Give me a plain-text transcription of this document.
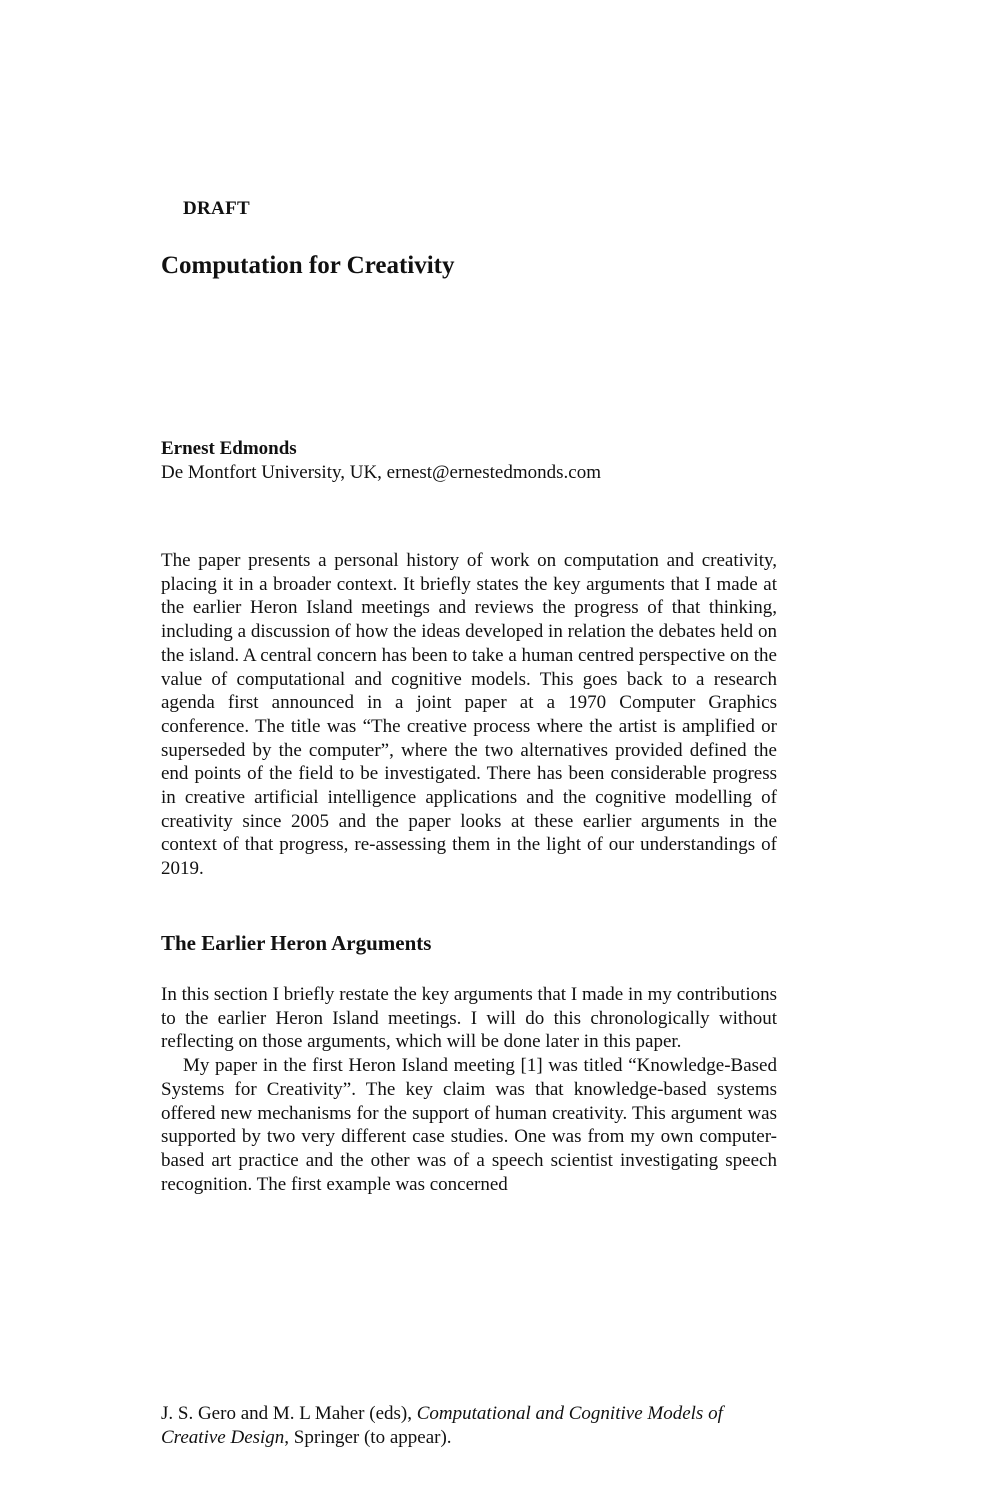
DRAFT
Computation for Creativity
Ernest Edmonds
De Montfort University, UK, ernest@ernestedmonds.com

The paper presents a personal history of work on computation and creativity, placing it in a broader context. It briefly states the key arguments that I made at the earlier Heron Island meetings and reviews the progress of that thinking, including a discussion of how the ideas developed in relation the debates held on the island. A central concern has been to take a human centred perspective on the value of computational and cognitive models. This goes back to a research agenda first announced in a joint paper at a 1970 Computer Graphics conference. The title was “The creative process where the artist is amplified or superseded by the computer”, where the two alternatives provided defined the end points of the field to be investigated. There has been considerable progress in creative artificial intelligence applications and the cognitive modelling of creativity since 2005 and the paper looks at these earlier arguments in the context of that progress, re-assessing them in the light of our understandings of 2019.

The Earlier Heron Arguments

In this section I briefly restate the key arguments that I made in my contributions to the earlier Heron Island meetings. I will do this chronologically without reflecting on those arguments, which will be done later in this paper.

My paper in the first Heron Island meeting [1] was titled “Knowledge-Based Systems for Creativity”. The key claim was that knowledge-based systems offered new mechanisms for the support of human creativity. This argument was supported by two very different case studies. One was from my own computer-based art practice and the other was of a speech scientist investigating speech recognition. The first example was concerned

J. S. Gero and M. L Maher (eds), Computational and Cognitive Models of
Creative Design, Springer (to appear).
